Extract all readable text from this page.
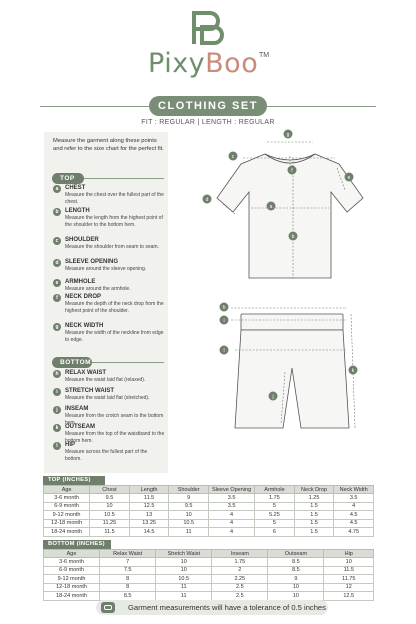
PixyBoo TM
CLOTHING SET
FIT : REGULAR | LENGTH : REGULAR
Measure the garment along these points and refer to the size chart for the perfect fit.
TOP
a	CHEST
Measure the chest over the fullest part of the chest.
b	LENGTH
Measure the length from the highest point of the shoulder to the bottom hem.
c	SHOULDER
Measure the shoulder from seam to seam.
d	SLEEVE OPENING
Measure around the sleeve opening.
e	ARMHOLE
Measure around the armhole.
f	NECK DROP
Measure the depth of the neck drop from the highest point of the shoulder.
g	NECK WIDTH
Measure the width of the neckline from edge to edge.
BOTTOM
h	RELAX WAIST
Measure the waist laid flat (relaxed).
i	STRETCH WAIST
Measure the waist laid flat (stretched).
j	INSEAM
Measure from the crotch seam to the bottom hem.
k	OUTSEAM
Measure from the top of the waistband to the bottom hem.
l	HIP
Measure across the fullest part of the bottom.
g
c
f
e
d
a
b
h
i
l
j
k
TOP (INCHES)
Age	Chest	Length	Shoulder	Sleeve Opening	Armhole	Neck Drop	Neck Width
3-6 month	9.5	11.5	9	3.5	1.75	1.25	3.5
6-9 month	10	12.5	9.5	3.5	5	1.5	4
9-12 month	10.5	13	10	4	5.25	1.5	4.5
12-18 month	11.25	13.25	10.5	4	5	1.5	4.5
18-24 month	11.5	14.5	11	4	6	1.5	4.75
BOTTOM (INCHES)
Age	Relax Waist	Stretch Waist	Inseam	Outseam	Hip
3-6 month	7	10	1.75	8.5	10
6-9 month	7.5	10	2	8.5	11.5
9-12 month	8	10.5	2.25	9	11.75
12-18 month	8	11	2.5	10	12
18-24 month	8.5	11	2.5	10	12.5
Garment measurements will have a tolerance of 0.5 inches
